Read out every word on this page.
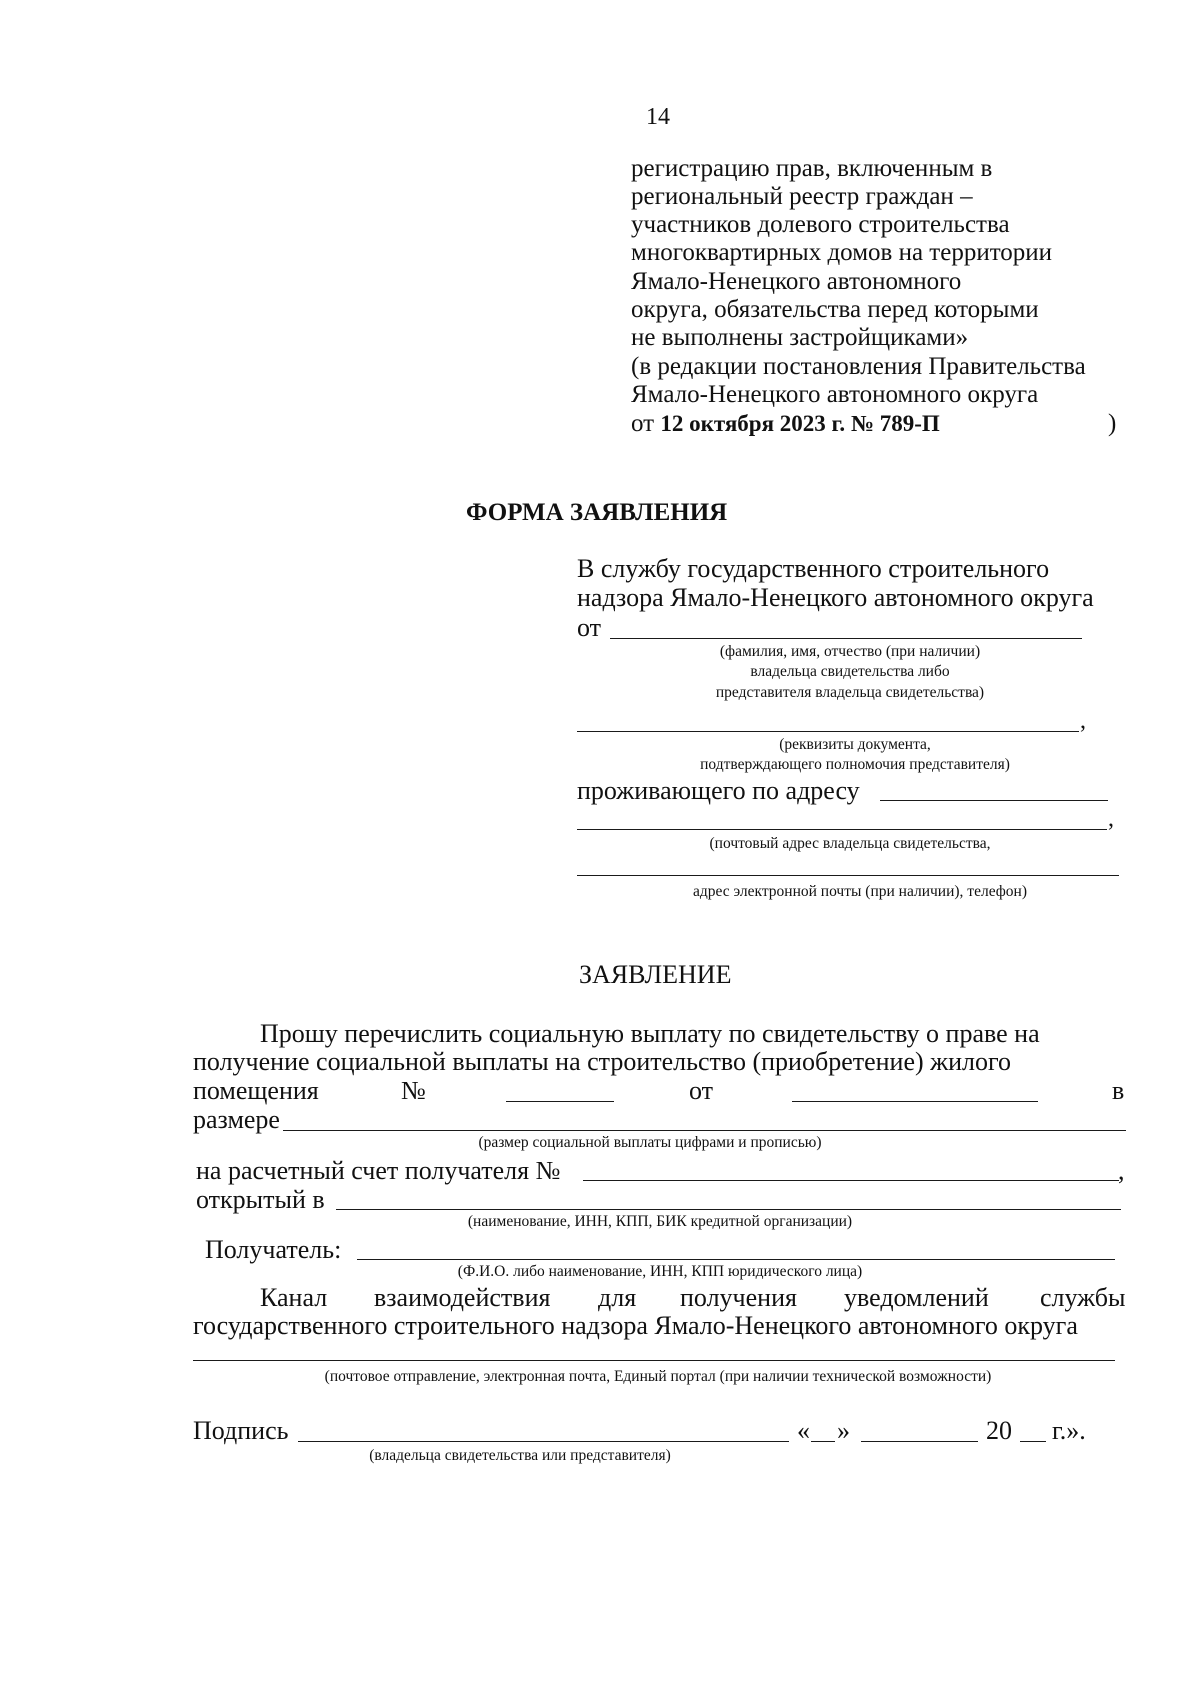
14
регистрацию прав, включенным в
региональный реестр граждан –
участников долевого строительства
многоквартирных домов на территории
Ямало-Ненецкого автономного
округа, обязательства перед которыми
не выполнены застройщиками»
(в редакции постановления Правительства
Ямало-Ненецкого автономного округа
от 12 октября 2023 г. № 789-П	)
ФОРМА ЗАЯВЛЕНИЯ
В службу государственного строительного
надзора Ямало-Ненецкого автономного округа
от
(фамилия, имя, отчество (при наличии)
владельца свидетельства либо
представителя владельца свидетельства)
,
(реквизиты документа,
подтверждающего полномочия представителя)
проживающего по адресу
,
(почтовый адрес владельца свидетельства,
адрес электронной почты (при наличии), телефон)
ЗАЯВЛЕНИЕ
Прошу перечислить социальную выплату по свидетельству о праве на
получение социальной выплаты на строительство (приобретение) жилого
помещения	№	от	в
размере
(размер социальной выплаты цифрами и прописью)
на расчетный счет получателя №	,
открытый в
(наименование, ИНН, КПП, БИК кредитной организации)
Получатель:
(Ф.И.О. либо наименование, ИНН, КПП юридического лица)
Канал взаимодействия для получения уведомлений службы
государственного строительного надзора Ямало-Ненецкого автономного округа
(почтовое отправление, электронная почта, Единый портал (при наличии технической возможности)
Подпись	« »	20 г.».
(владельца свидетельства или представителя)
